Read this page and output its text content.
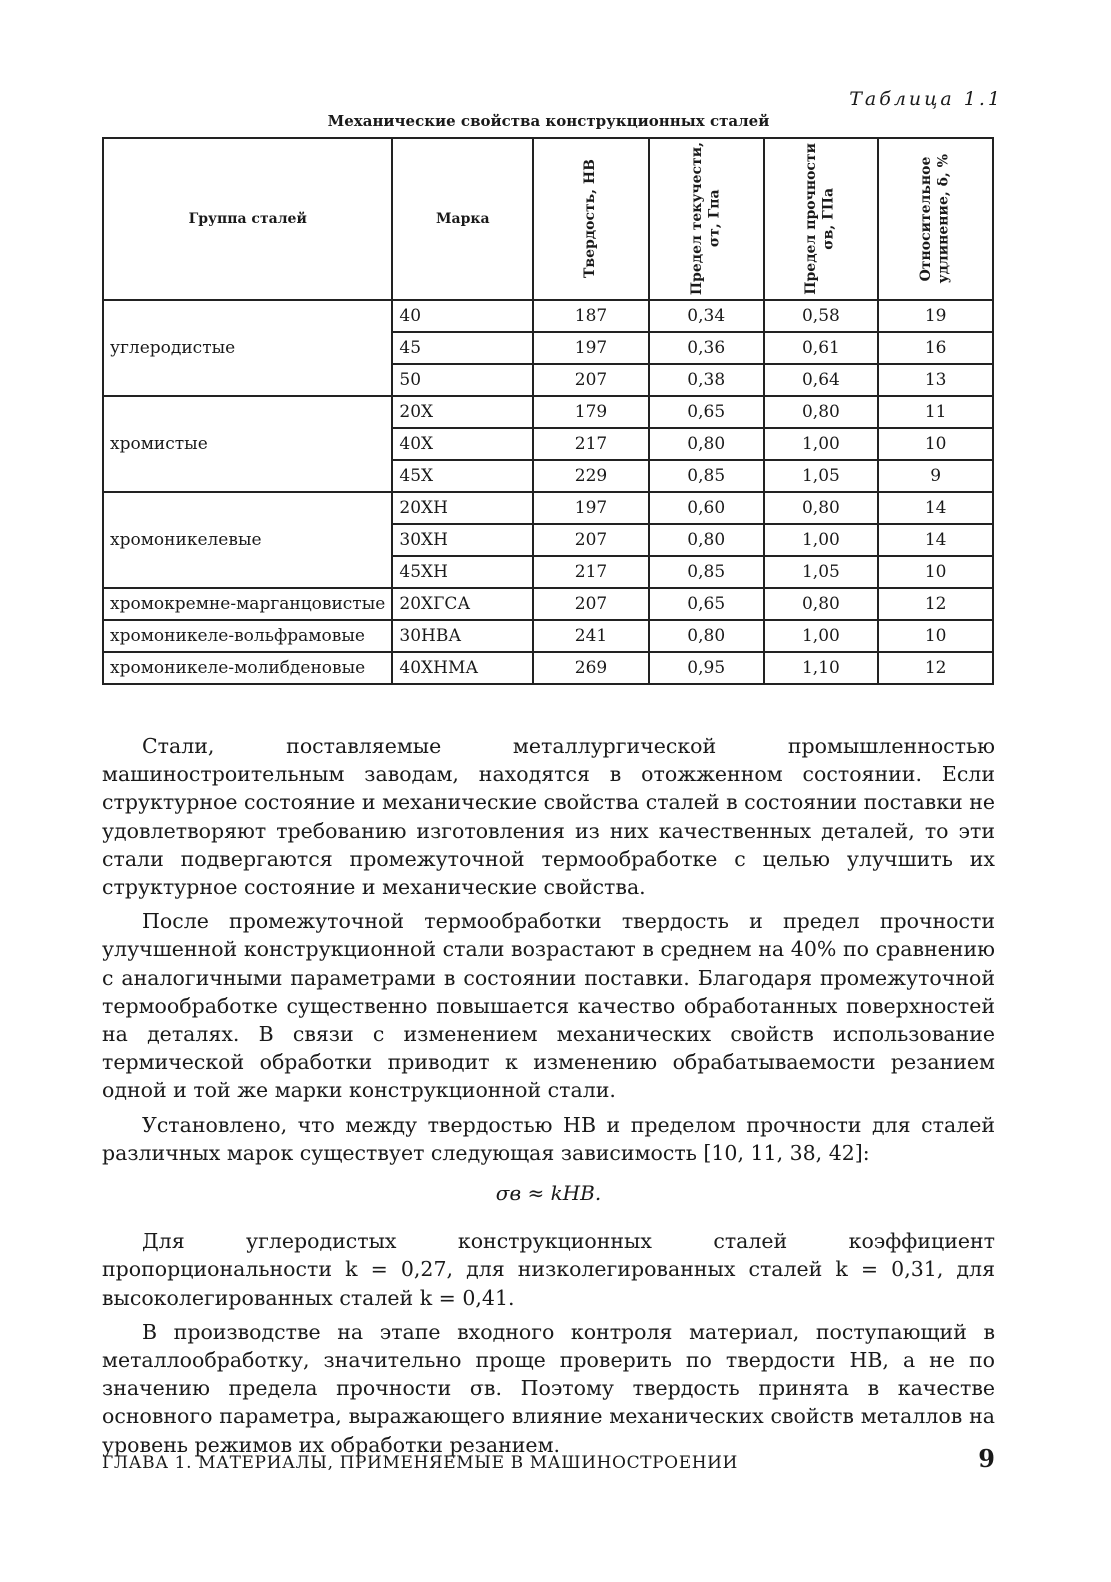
Таблица 1.1
Механические свойства конструкционных сталей
Группа сталей	Марка	Твердость, HB	Предел текучести, σт, Гпа	Предел прочности σв, ГПа	Относительное удлинение, δ, %

углеродистые	40	187	0,34	0,58	19
	45	197	0,36	0,61	16
	50	207	0,38	0,64	13
хромистые	20Х	179	0,65	0,80	11
	40Х	217	0,80	1,00	10
	45Х	229	0,85	1,05	9
хромоникелевые	20ХН	197	0,60	0,80	14
	30ХН	207	0,80	1,00	14
	45ХН	217	0,85	1,05	10
хромокремне-марганцовистые	20ХГСА	207	0,65	0,80	12
хромоникеле-вольфрамовые	30НВА	241	0,80	1,00	10
хромоникеле-молибденовые	40ХНМА	269	0,95	1,10	12

Стали, поставляемые металлургической промышленностью машиностроительным заводам, находятся в отожженном состоянии. Если структурное состояние и механические свойства сталей в состоянии поставки не удовлетворяют требованию изготовления из них качественных деталей, то эти стали подвергаются промежуточной термообработке с целью улучшить их структурное состояние и механические свойства.

После промежуточной термообработки твердость и предел прочности улучшенной конструкционной стали возрастают в среднем на 40% по сравнению с аналогичными параметрами в состоянии поставки. Благодаря промежуточной термообработке существенно повышается качество обработанных поверхностей на деталях. В связи с изменением механических свойств использование термической обработки приводит к изменению обрабатываемости резанием одной и той же марки конструкционной стали.

Установлено, что между твердостью HB и пределом прочности для сталей различных марок существует следующая зависимость [10, 11, 38, 42]:

σв ≈ kHB.

Для углеродистых конструкционных сталей коэффициент пропорциональности k = 0,27, для низколегированных сталей k = 0,31, для высоколегированных сталей k = 0,41.

В производстве на этапе входного контроля материал, поступающий в металлообработку, значительно проще проверить по твердости HB, а не по значению предела прочности σв. Поэтому твердость принята в качестве основного параметра, выражающего влияние механических свойств металлов на уровень режимов их обработки резанием.

ГЛАВА 1. МАТЕРИАЛЫ, ПРИМЕНЯЕМЫЕ В МАШИНОСТРОЕНИИ	9
